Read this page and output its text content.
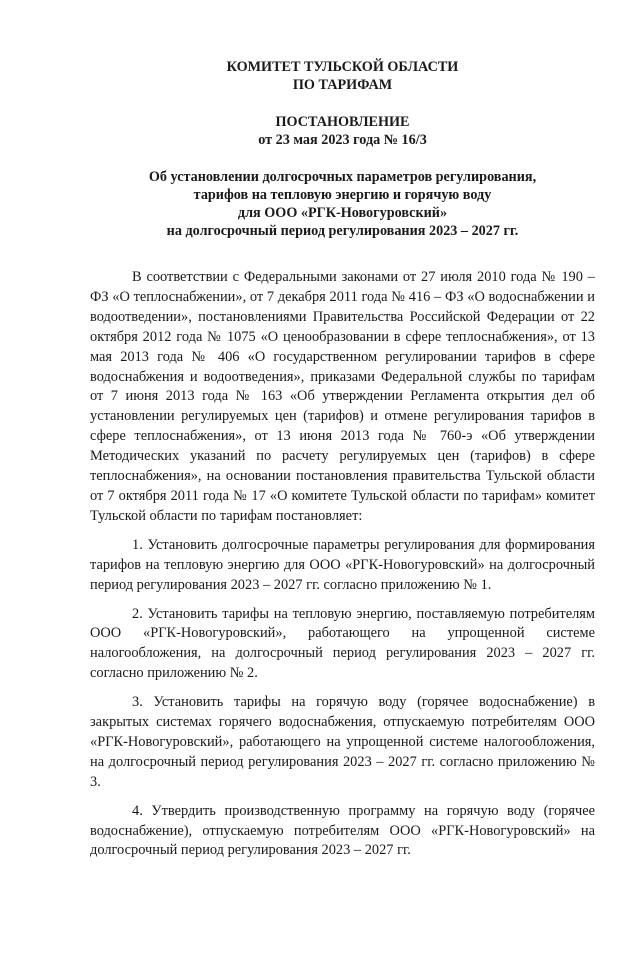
КОМИТЕТ ТУЛЬСКОЙ ОБЛАСТИ
ПО ТАРИФАМ
ПОСТАНОВЛЕНИЕ
от 23 мая 2023 года № 16/3
Об установлении долгосрочных параметров регулирования,
тарифов на тепловую энергию и горячую воду
для ООО «РГК-Новогуровский»
на долгосрочный период регулирования 2023 – 2027 гг.

В соответствии с Федеральными законами от 27 июля 2010 года № 190 – ФЗ «О теплоснабжении», от 7 декабря 2011 года № 416 – ФЗ «О водоснабжении и водоотведении», постановлениями Правительства Российской Федерации от 22 октября 2012 года № 1075 «О ценообразовании в сфере теплоснабжения», от 13 мая 2013 года № 406 «О государственном регулировании тарифов в сфере водоснабжения и водоотведения», приказами Федеральной службы по тарифам от 7 июня 2013 года № 163 «Об утверждении Регламента открытия дел об установлении регулируемых цен (тарифов) и отмене регулирования тарифов в сфере теплоснабжения», от 13 июня 2013 года № 760-э «Об утверждении Методических указаний по расчету регулируемых цен (тарифов) в сфере теплоснабжения», на основании постановления правительства Тульской области от 7 октября 2011 года № 17 «О комитете Тульской области по тарифам» комитет Тульской области по тарифам постановляет:

1. Установить долгосрочные параметры регулирования для формирования тарифов на тепловую энергию для ООО «РГК-Новогуровский» на долгосрочный период регулирования 2023 – 2027 гг. согласно приложению № 1.

2. Установить тарифы на тепловую энергию, поставляемую потребителям ООО «РГК-Новогуровский», работающего на упрощенной системе налогообложения, на долгосрочный период регулирования 2023 – 2027 гг. согласно приложению № 2.

3. Установить тарифы на горячую воду (горячее водоснабжение) в закрытых системах горячего водоснабжения, отпускаемую потребителям ООО «РГК-Новогуровский», работающего на упрощенной системе налогообложения, на долгосрочный период регулирования 2023 – 2027 гг. согласно приложению № 3.

4. Утвердить производственную программу на горячую воду (горячее водоснабжение), отпускаемую потребителям ООО «РГК-Новогуровский» на долгосрочный период регулирования 2023 – 2027 гг.
